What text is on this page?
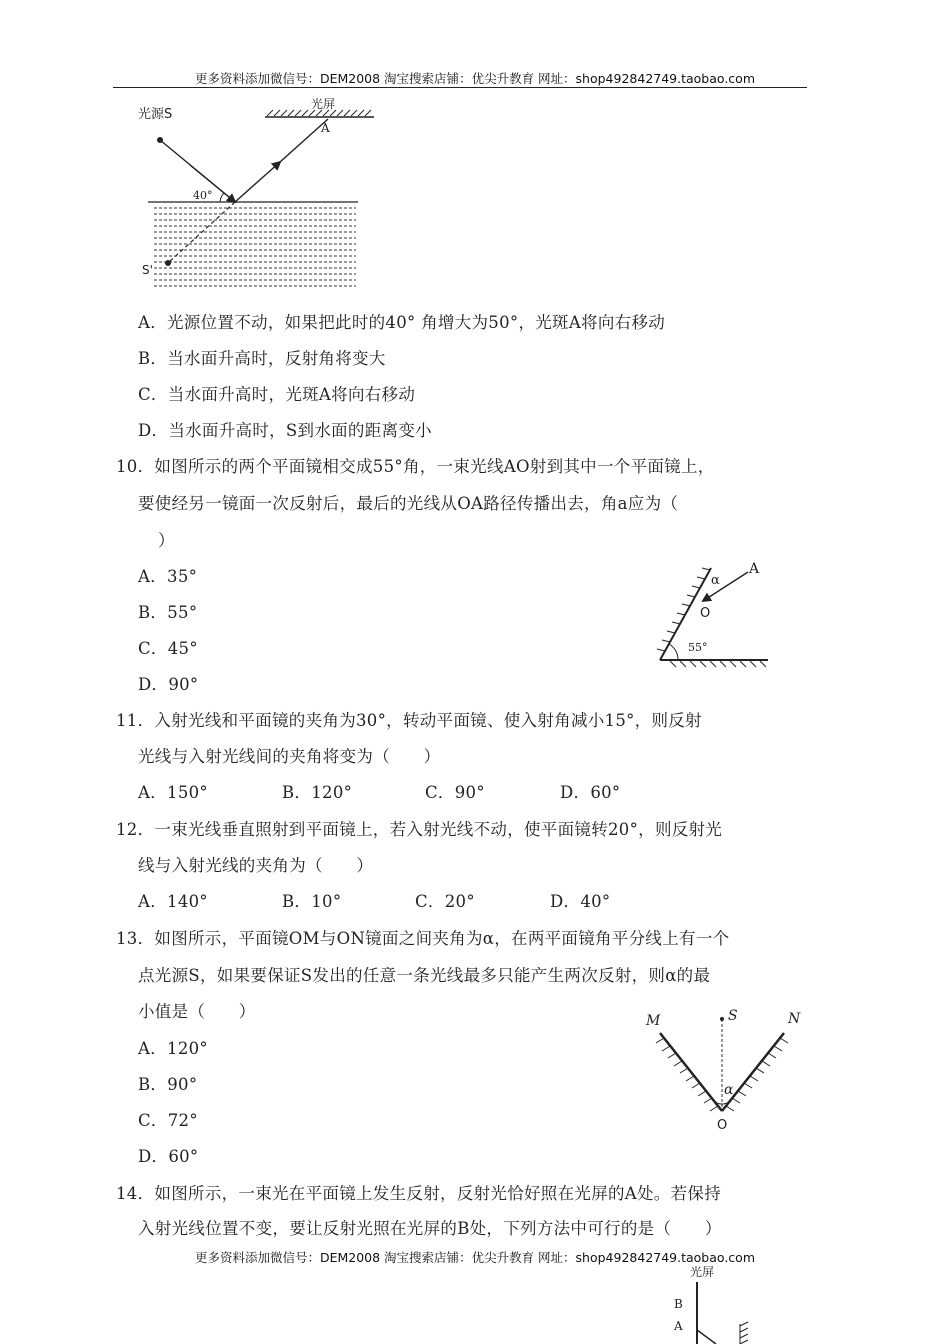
更多资料添加微信号：DEM2008 淘宝搜索店铺：优尖升教育 网址：shop492842749.taobao.com
光源S
光屏
A
40°
S'
A．光源位置不动，如果把此时的40° 角增大为50°，光斑A将向右移动
B．当水面升高时，反射角将变大
C．当水面升高时，光斑A将向右移动
D．当水面升高时，S到水面的距离变小
10．如图所示的两个平面镜相交成55°角，一束光线AO射到其中一个平面镜上，
要使经另一镜面一次反射后，最后的光线从OA路径传播出去，角a应为（
）
A．35°
B．55°
C．45°
D．90°
A
O
α
55°
11．入射光线和平面镜的夹角为30°，转动平面镜、使入射角减小15°，则反射
光线与入射光线间的夹角将变为（　　）
A．150°	B．120°	C．90°	D．60°
12．一束光线垂直照射到平面镜上，若入射光线不动，使平面镜转20°，则反射光
线与入射光线的夹角为（　　）
A．140°	B．10°	C．20°	D．40°
13．如图所示，平面镜OM与ON镜面之间夹角为α，在两平面镜角平分线上有一个
点光源S，如果要保证S发出的任意一条光线最多只能产生两次反射，则α的最
小值是（　　）
A．120°
B．90°
C．72°
D．60°
M	N
S
α
O
14．如图所示，一束光在平面镜上发生反射，反射光恰好照在光屏的A处。若保持
入射光线位置不变，要让反射光照在光屏的B处，下列方法中可行的是（　　）
更多资料添加微信号：DEM2008 淘宝搜索店铺：优尖升教育 网址：shop492842749.taobao.com
光屏
B
A
